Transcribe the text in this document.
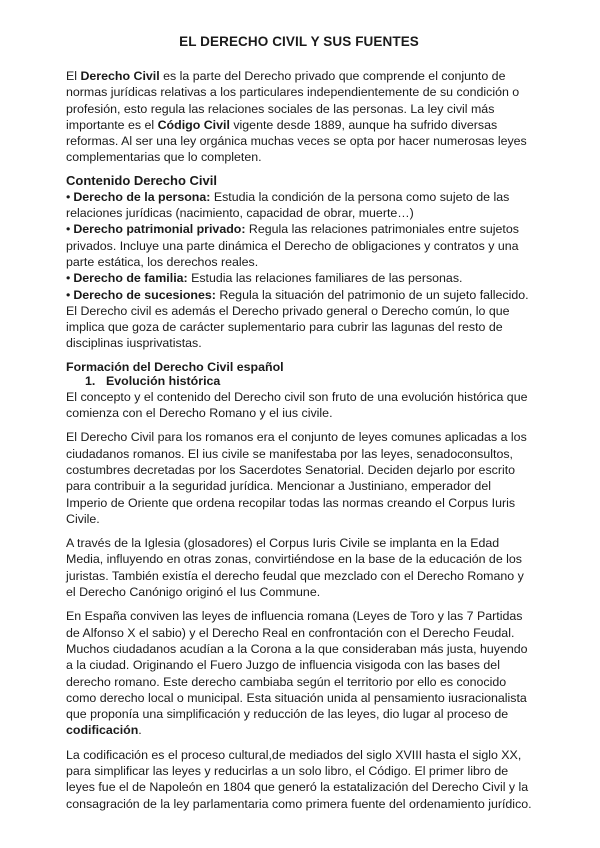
EL DERECHO CIVIL Y SUS FUENTES

El Derecho Civil es la parte del Derecho privado que comprende el conjunto de normas jurídicas relativas a los particulares independientemente de su condición o profesión, esto regula las relaciones sociales de las personas. La ley civil más importante es el Código Civil vigente desde 1889, aunque ha sufrido diversas reformas. Al ser una ley orgánica muchas veces se opta por hacer numerosas leyes complementarias que lo completen.

Contenido Derecho Civil
• Derecho de la persona: Estudia la condición de la persona como sujeto de las relaciones jurídicas (nacimiento, capacidad de obrar, muerte…)
• Derecho patrimonial privado: Regula las relaciones patrimoniales entre sujetos privados. Incluye una parte dinámica el Derecho de obligaciones y contratos y una parte estática, los derechos reales.
• Derecho de familia: Estudia las relaciones familiares de las personas.
• Derecho de sucesiones: Regula la situación del patrimonio de un sujeto fallecido.

El Derecho civil es además el Derecho privado general o Derecho común, lo que implica que goza de carácter suplementario para cubrir las lagunas del resto de disciplinas iusprivatistas.

Formación del Derecho Civil español
1. Evolución histórica

El concepto y el contenido del Derecho civil son fruto de una evolución histórica que comienza con el Derecho Romano y el ius civile.

El Derecho Civil para los romanos era el conjunto de leyes comunes aplicadas a los ciudadanos romanos. El ius civile se manifestaba por las leyes, senadoconsultos, costumbres decretadas por los Sacerdotes Senatorial. Deciden dejarlo por escrito para contribuir a la seguridad jurídica. Mencionar a Justiniano, emperador del Imperio de Oriente que ordena recopilar todas las normas creando el Corpus Iuris Civile.

A través de la Iglesia (glosadores) el Corpus Iuris Civile se implanta en la Edad Media, influyendo en otras zonas, convirtiéndose en la base de la educación de los juristas. También existía el derecho feudal que mezclado con el Derecho Romano y el Derecho Canónigo originó el Ius Commune.

En España conviven las leyes de influencia romana (Leyes de Toro y las 7 Partidas de Alfonso X el sabio) y el Derecho Real en confrontación con el Derecho Feudal. Muchos ciudadanos acudían a la Corona a la que consideraban más justa, huyendo a la ciudad. Originando el Fuero Juzgo de influencia visigoda con las bases del derecho romano. Este derecho cambiaba según el territorio por ello es conocido como derecho local o municipal. Esta situación unida al pensamiento iusracionalista que proponía una simplificación y reducción de las leyes, dio lugar al proceso de codificación.

La codificación es el proceso cultural,de mediados del siglo XVIII hasta el siglo XX, para simplificar las leyes y reducirlas a un solo libro, el Código. El primer libro de leyes fue el de Napoleón en 1804 que generó la estatalización del Derecho Civil y la consagración de la ley parlamentaria como primera fuente del ordenamiento jurídico.
